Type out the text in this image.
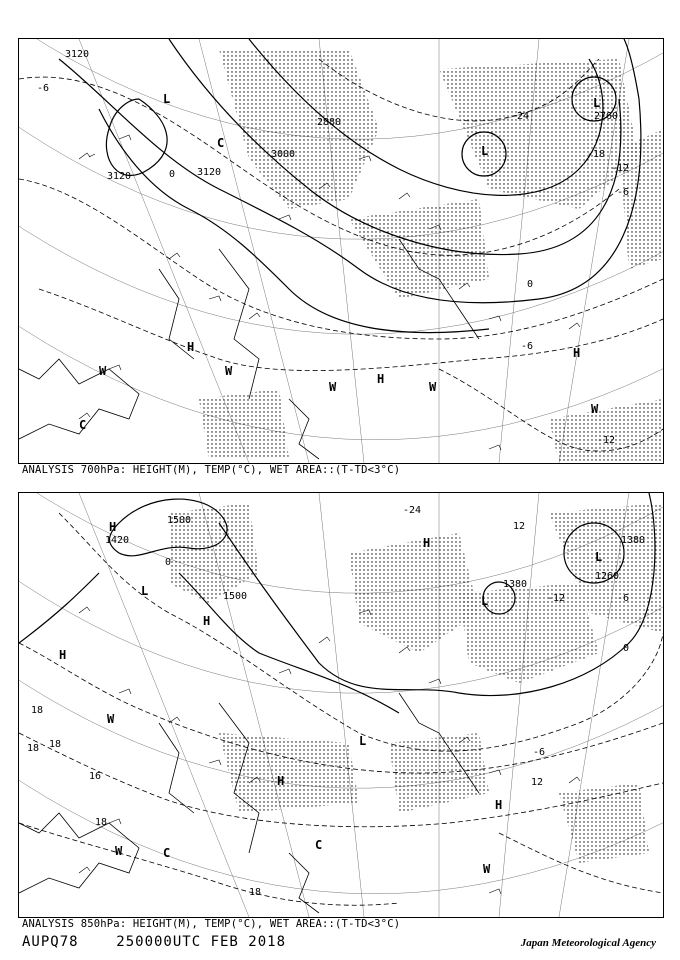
3120
2880
3000
3120
2760
3120
-6
0
-24
-18
-12
-6
0
-6
-12
L
L
C
L
H
H
H
W	W
W	W
W
C
ANALYSIS 700hPa: HEIGHT(M), TEMP(°C), WET AREA::(T-TD<3°C)
1500
1500
1380
1380
1260
1420
0
-24
12
-12	-6
0
-6
12
18
18 18
16
18
18
H
L
H
H
H
L
L
L
H
H
W
W
W
C
C
ANALYSIS 850hPa: HEIGHT(M), TEMP(°C), WET AREA::(T-TD<3°C)
AUPQ78    250000UTC FEB 2018	Japan Meteorological Agency
